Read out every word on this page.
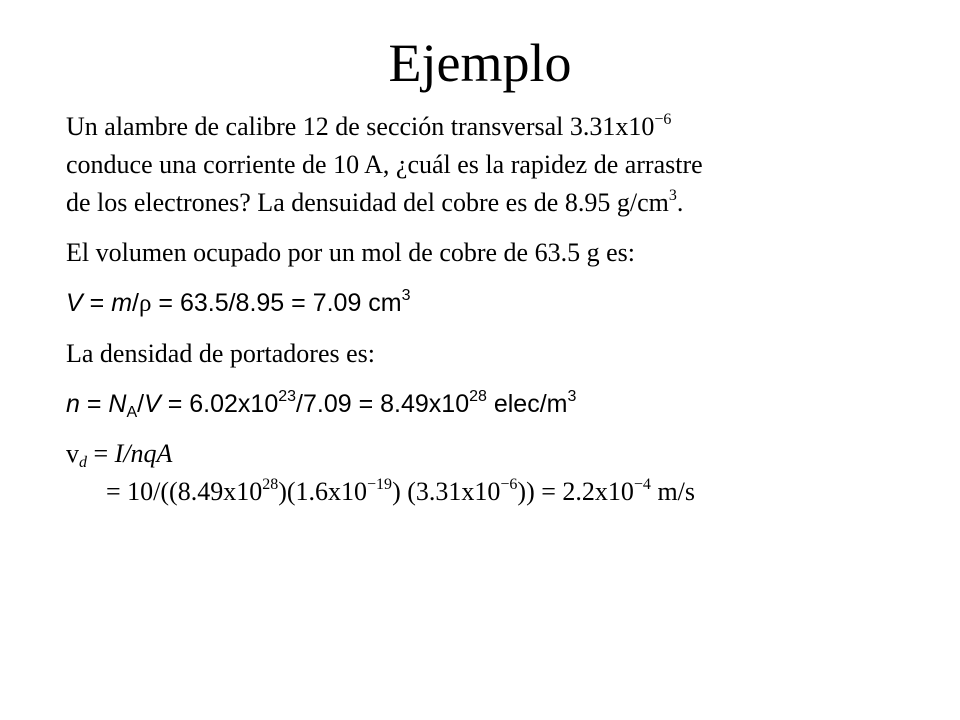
Ejemplo
Un alambre de calibre 12 de sección transversal $3.31x10^{-6}$
conduce una corriente de 10 A, ¿cuál es la rapidez de arrastre
de los electrones? La densuidad del cobre es de 8.95 $g/cm^3$.
El volumen ocupado por un mol de cobre de 63.5 g es:
V = m/ρ = 63.5/8.95 = 7.09 $cm^3$
La densidad de portadores es:
$n = N_A/V = 6.02x10^{23}/7.09 = 8.49x10^{28}$ elec/$m^3$
$v_d = I/nqA$
= $10/((8.49x10^{28})(1.6x10^{-19}) (3.31x10^{-6})) = 2.2x10^{-4}$ m/s
